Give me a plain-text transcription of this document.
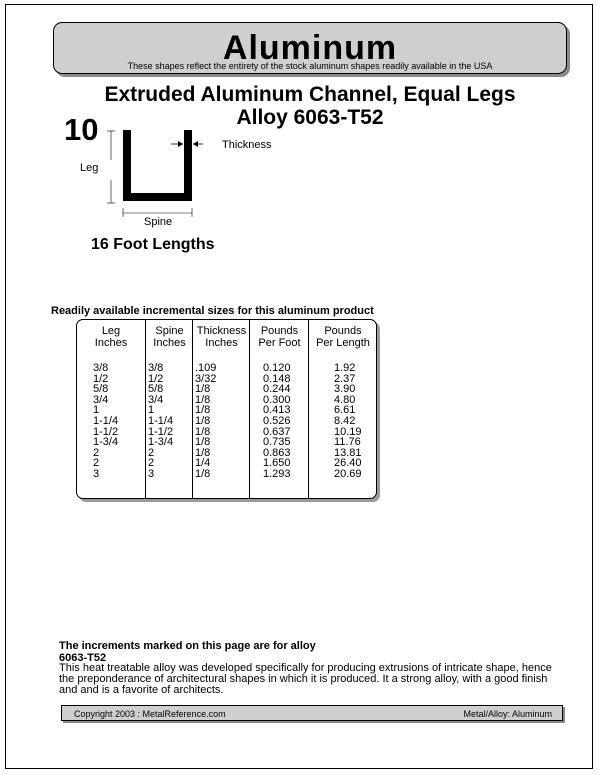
Aluminum
These shapes reflect the entirety of the stock aluminum shapes readily available in the USA
Extruded Aluminum Channel, Equal Legs
Alloy 6063-T52
10
Leg
Thickness
Spine
16 Foot Lengths
Readily available incremental sizes for this aluminum product
Leg
Inches
3/8
1/2
5/8
3/4
1
1-1/4
1-1/2
1-3/4
2
2
3
Spine
Inches
3/8
1/2
5/8
3/4
1
1-1/4
1-1/2
1-3/4
2
2
3
Thickness
Inches
.109
3/32
1/8
1/8
1/8
1/8
1/8
1/8
1/8
1/4
1/8
Pounds
Per Foot
0.120
0.148
0.244
0.300
0.413
0.526
0.637
0.735
0.863
1.650
1.293
Pounds
Per Length
1.92
2.37
3.90
4.80
6.61
8.42
10.19
11.76
13.81
26.40
20.69
The increments marked on this page are for alloy
6063-T52
This heat treatable alloy was developed specifically for producing extrusions of intricate shape, hence the preponderance of architectural shapes in which it is produced. It a strong alloy, with a good finish and and is a favorite of architects.
Copyright 2003 : MetalReference.com	Metal/Alloy: Aluminum
